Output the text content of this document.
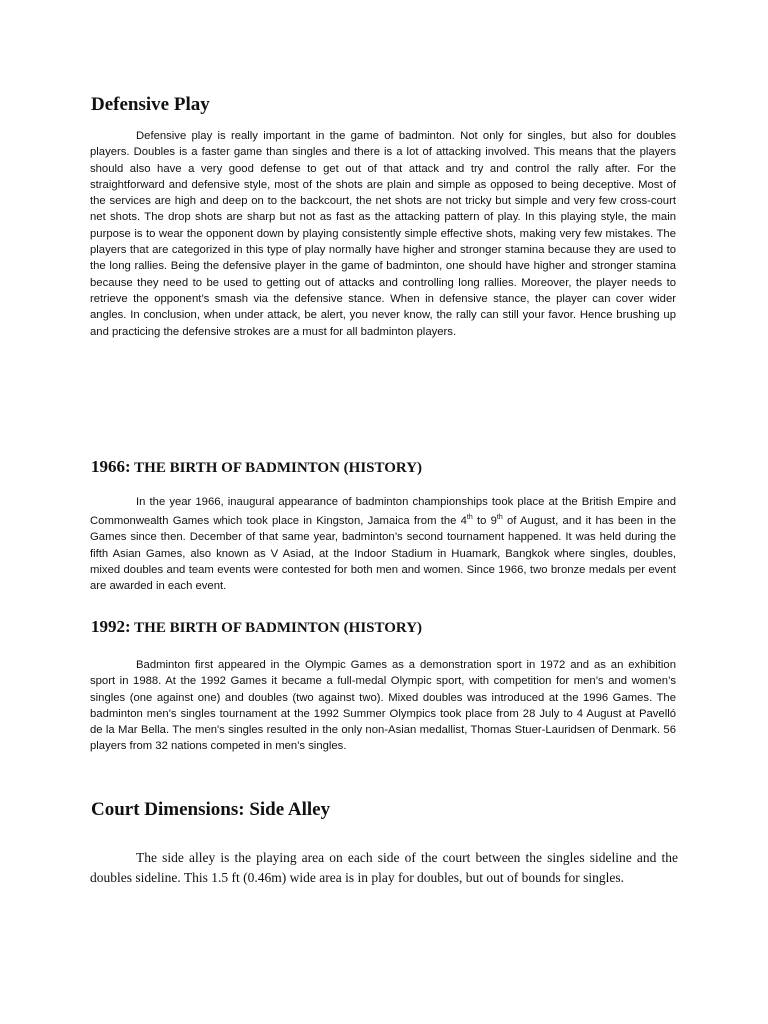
Defensive Play

Defensive play is really important in the game of badminton. Not only for singles, but also for doubles players. Doubles is a faster game than singles and there is a lot of attacking involved. This means that the players should also have a very good defense to get out of that attack and try and control the rally after. For the straightforward and defensive style, most of the shots are plain and simple as opposed to being deceptive. Most of the services are high and deep on to the backcourt, the net shots are not tricky but simple and very few cross-court net shots. The drop shots are sharp but not as fast as the attacking pattern of play. In this playing style, the main purpose is to wear the opponent down by playing consistently simple effective shots, making very few mistakes. The players that are categorized in this type of play normally have higher and stronger stamina because they are used to the long rallies. Being the defensive player in the game of badminton, one should have higher and stronger stamina because they need to be used to getting out of attacks and controlling long rallies. Moreover, the player needs to retrieve the opponent’s smash via the defensive stance. When in defensive stance, the player can cover wider angles. In conclusion, when under attack, be alert, you never know, the rally can still your favor. Hence brushing up and practicing the defensive strokes are a must for all badminton players.

1966: THE BIRTH OF BADMINTON (HISTORY)

In the year 1966, inaugural appearance of badminton championships took place at the British Empire and Commonwealth Games which took place in Kingston, Jamaica from the 4th to 9th of August, and it has been in the Games since then. December of that same year, badminton’s second tournament happened. It was held during the fifth Asian Games, also known as V Asiad, at the Indoor Stadium in Huamark, Bangkok where singles, doubles, mixed doubles and team events were contested for both men and women. Since 1966, two bronze medals per event are awarded in each event.

1992: THE BIRTH OF BADMINTON (HISTORY)

Badminton first appeared in the Olympic Games as a demonstration sport in 1972 and as an exhibition sport in 1988. At the 1992 Games it became a full-medal Olympic sport, with competition for men’s and women’s singles (one against one) and doubles (two against two). Mixed doubles was introduced at the 1996 Games. The badminton men's singles tournament at the 1992 Summer Olympics took place from 28 July to 4 August at Pavelló de la Mar Bella. The men's singles resulted in the only non-Asian medallist, Thomas Stuer-Lauridsen of Denmark. 56 players from 32 nations competed in men's singles.

Court Dimensions: Side Alley

The side alley is the playing area on each side of the court between the singles sideline and the doubles sideline. This 1.5 ft (0.46m) wide area is in play for doubles, but out of bounds for singles.
